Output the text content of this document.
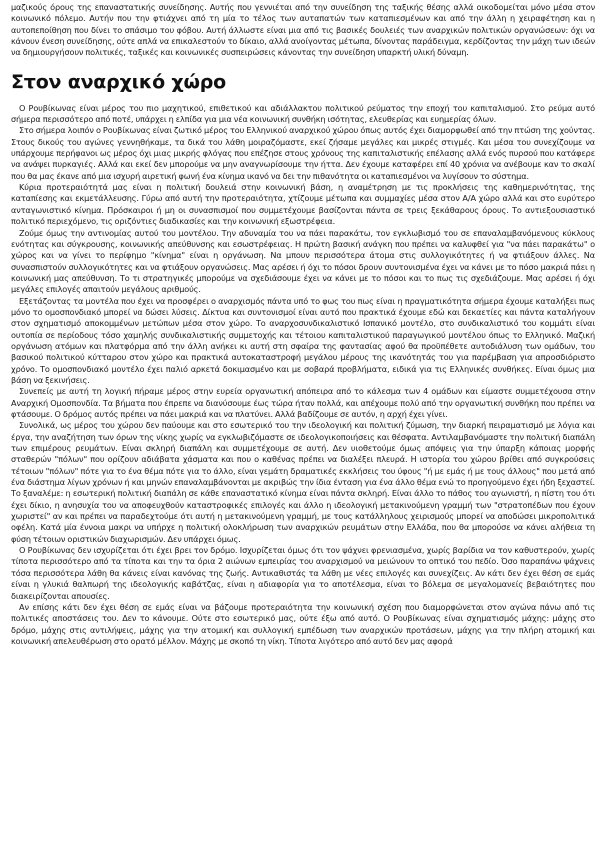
μαζικούς όρους της επαναστατικής συνείδησης. Αυτής που γεννιέται από την συνείδηση της ταξικής θέσης αλλά οικοδομείται μόνο μέσα στον κοινωνικό πόλεμο. Αυτήν που την φτιάχνει από τη μία το τέλος των αυταπατών των καταπιεσμένων και από την άλλη η χειραφέτηση και η αυτοπεποίθηση που δίνει το σπάσιμο του φόβου. Αυτή άλλωστε είναι μια από τις βασικές δουλειές των αναρχικών πολιτικών οργανώσεων: όχι να κάνουν ένεση συνείδησης, ούτε απλά να επικαλεστούν το δίκαιο, αλλά ανοίγοντας μέτωπα, δίνοντας παράδειγμα, κερδίζοντας την μάχη των ιδεών να δημιουργήσουν πολιτικές, ταξικές και κοινωνικές συσπειρώσεις κάνοντας την συνείδηση υπαρκτή υλική δύναμη.

Στον αναρχικό χώρο

Ο Ρουβίκωνας είναι μέρος του πιο μαχητικού, επιθετικού και αδιάλλακτου πολιτικού ρεύματος την εποχή του καπιταλισμού. Στο ρεύμα αυτό σήμερα περισσότερο από ποτέ, υπάρχει η ελπίδα για μια νέα κοινωνική συνθήκη ισότητας, ελευθερίας και ευημερίας όλων.

Στο σήμερα λοιπόν ο Ρουβίκωνας είναι ζωτικό μέρος του Ελληνικού αναρχικού χώρου όπως αυτός έχει διαμορφωθεί από την πτώση της χούντας. Στους δικούς του αγώνες γεννηθήκαμε, τα δικά του λάθη μοιραζόμαστε, εκεί ζήσαμε μεγάλες και μικρές στιγμές. Και μέσα του συνεχίζουμε να υπάρχουμε περήφανοι ως μέρος όχι μιας μικρής φλόγας που επέζησε στους χρόνους της καπιταλιστικής επέλασης αλλά ενός πυρσού που κατάφερε να ανάψει πυρκαγιές. Αλλά και εκεί δεν μπορούμε να μην αναγνωρίσουμε την ήττα. Δεν έχουμε καταφέρει επί 40 χρόνια να ανέβουμε καν το σκαλί που θα μας έκανε από μια ισχυρή αιρετική φωνή ένα κίνημα ικανό να δει την πιθανότητα οι καταπιεσμένοι να λυγίσουν το σύστημα.

Κύρια προτεραιότητά μας είναι η πολιτική δουλειά στην κοινωνική βάση, η αναμέτρηση με τις προκλήσεις της καθημερινότητας, της καταπίεσης και εκμετάλλευσης. Γύρω από αυτή την προτεραιότητα, χτίζουμε μέτωπα και συμμαχίες μέσα στον Α/Α χώρο αλλά και στο ευρύτερο ανταγωνιστικό κίνημα. Πρόσκαιροι ή μη οι συνασπισμοί που συμμετέχουμε βασίζονται πάντα σε τρεις ξεκάθαρους όρους. Το αντιεξουσιαστικό πολιτικό περιεχόμενο, τις οριζόντιες διαδικασίες και την κοινωνική εξωστρέφεια.

Ζούμε όμως την αντινομίας αυτού του μοντέλου. Την αδυναμία του να πάει παρακάτω, τον εγκλωβισμό του σε επαναλαμβανόμενους κύκλους ενότητας και σύγκρουσης, κοινωνικής απεύθυνσης και εσωστρέφειας. Η πρώτη βασική ανάγκη που πρέπει να καλυφθεί για "να πάει παρακάτω" ο χώρος και να γίνει το περίφημο "κίνημα" είναι η οργάνωση. Να μπουν περισσότερα άτομα στις συλλογικότητες ή να φτιάξουν άλλες. Να συνασπιστούν συλλογικότητες και να φτιάξουν οργανώσεις. Μας αρέσει ή όχι το πόσοι δρουν συντονισμένα έχει να κάνει με το πόσο μακριά πάει η κοινωνική μας απεύθυνση. Το τι στρατηγικές μπορούμε να σχεδιάσουμε έχει να κάνει με το πόσοι και το πως τις σχεδιάζουμε. Μας αρέσει ή όχι μεγάλες επιλογές απαιτούν μεγάλους αριθμούς.

Εξετάζοντας τα μοντέλα που έχει να προσφέρει ο αναρχισμός πάντα υπό το φως του πως είναι η πραγματικότητα σήμερα έχουμε καταλήξει πως μόνο το ομοσπονδιακό μπορεί να δώσει λύσεις. Δίκτυα και συντονισμοί είναι αυτό που πρακτικά έχουμε εδώ και δεκαετίες και πάντα καταλήγουν στον σχηματισμό αποκομμένων μετώπων μέσα στον χώρο. Το αναρχοσυνδικαλιστικό Ισπανικό μοντέλο, στο συνδικαλιστικό του κομμάτι είναι ουτοπία σε περίοδους τόσο χαμηλής συνδικαλιστικής συμμετοχής και τέτοιου καπιταλιστικού παραγωγικού μοντέλου όπως το Ελληνικό. Μαζική οργάνωση ατόμων και πλατφόρμα από την άλλη ανήκει κι αυτή στη σφαίρα της φαντασίας αφού θα προϋπέθετε αυτοδιάλυση των ομάδων, του βασικού πολιτικού κύτταρου στον χώρο και πρακτικά αυτοκαταστροφή μεγάλου μέρους της ικανότητάς του για παρέμβαση για απροσδιόριστο χρόνο. Το ομοσπονδιακό μοντέλο έχει παλιό αρκετά δοκιμασμένο και με σοβαρά προβλήματα, ειδικά για τις Ελληνικές συνθήκες. Είναι όμως μια βάση να ξεκινήσεις.

Συνεπείς με αυτή τη λογική πήραμε μέρος στην ευρεία οργανωτική απόπειρα από το κάλεσμα των 4 ομάδων και είμαστε συμμετέχουσα στην Αναρχική Ομοσπονδία. Τα βήματα που έπρεπε να διανύσουμε έως τώρα ήταν πολλά, και απέχουμε πολύ από την οργανωτική συνθήκη που πρέπει να φτάσουμε. Ο δρόμος αυτός πρέπει να πάει μακριά και να πλατύνει. Αλλά βαδίζουμε σε αυτόν, η αρχή έχει γίνει.

Συνολικά, ως μέρος του χώρου δεν παύουμε και στο εσωτερικό του την ιδεολογική και πολιτική ζύμωση, την διαρκή πειραματισμό με λόγια και έργα, την αναζήτηση των όρων της νίκης χωρίς να εγκλωβιζόμαστε σε ιδεολογικοποιήσεις και θέσφατα. Αντιλαμβανόμαστε την πολιτική διαπάλη των επιμέρους ρευμάτων. Είναι σκληρή διαπάλη και συμμετέχουμε σε αυτή. Δεν υιοθετούμε όμως απόψεις για την ύπαρξη κάποιας μορφής σταθερών "πόλων" που ορίζουν αδιάβατα χάσματα και που ο καθένας πρέπει να διαλέξει πλευρά. Η ιστορία του χώρου βρίθει από συγκρούσεις τέτοιων "πόλων" πότε για το ένα θέμα πότε για το άλλο, είναι γεμάτη δραματικές εκκλήσεις του ύφους "ή με εμάς ή με τους άλλους" που μετά από ένα διάστημα λίγων χρόνων ή και μηνών επαναλαμβάνονται με ακριβώς την ίδια ένταση για ένα άλλο θέμα ενώ το προηγούμενο έχει ήδη ξεχαστεί. Το ξαναλέμε: η εσωτερική πολιτική διαπάλη σε κάθε επαναστατικό κίνημα είναι πάντα σκληρή. Είναι άλλο το πάθος του αγωνιστή, η πίστη του ότι έχει δίκιο, η ανησυχία του να αποφευχθούν καταστροφικές επιλογές και άλλο η ιδεολογική μετακινούμενη γραμμή των "στρατοπέδων που έχουν χωριστεί" αν και πρέπει να παραδεχτούμε ότι αυτή η μετακινούμενη γραμμή, με τους κατάλληλους χειρισμούς μπορεί να αποδώσει μικροπολιτικά οφέλη. Κατά μία έννοια μακρι να υπήρχε η πολιτική ολοκλήρωση των αναρχικών ρευμάτων στην Ελλάδα, που θα μπορούσε να κάνει αλήθεια τη φύση τέτοιων οριστικών διαχωρισμών. Δεν υπάρχει όμως.

Ο Ρουβίκωνας δεν ισχυρίζεται ότι έχει βρει τον δρόμο. Ισχυρίζεται όμως ότι τον ψάχνει φρενιασμένα, χωρίς βαρίδια να τον καθυστερούν, χωρίς τίποτα περισσότερο από τα τίποτα και την τα όρια 2 αιώνων εμπειρίας του αναρχισμού να μειώνουν το οπτικό του πεδίο. Όσο παραπάνω ψάχνεις τόσα περισσότερα λάθη θα κάνεις είναι κανόνας της ζωής. Αντικαθιστάς τα λάθη με νέες επιλογές και συνεχίζεις. Αν κάτι δεν έχει θέση σε εμάς είναι η γλυκιά θαλπωρή της ιδεολογικής καβάτζας, είναι η αδιαφορία για το αποτέλεσμα, είναι το βόλεμα σε μεγαλομανείς βεβαιότητες που διακειρίζονται απουσίες.

Αν επίσης κάτι δεν έχει θέση σε εμάς είναι να βάζουμε προτεραιότητα την κοινωνική σχέση που διαμορφώνεται στον αγώνα πάνω από τις πολιτικές αποστάσεις του. Δεν το κάνουμε. Ούτε στο εσωτερικό μας, ούτε έξω από αυτό. Ο Ρουβίκωνας είναι σχηματισμός μάχης: μάχης στο δρόμο, μάχης στις αντιλήψεις, μάχης για την ατομική και συλλογική εμπέδωση των αναρχικών προτάσεων, μάχης για την πλήρη ατομική και κοινωνική απελευθέρωση στο ορατό μέλλον. Μάχης με σκοπό τη νίκη. Τίποτα λιγότερο από αυτό δεν μας αφορά
